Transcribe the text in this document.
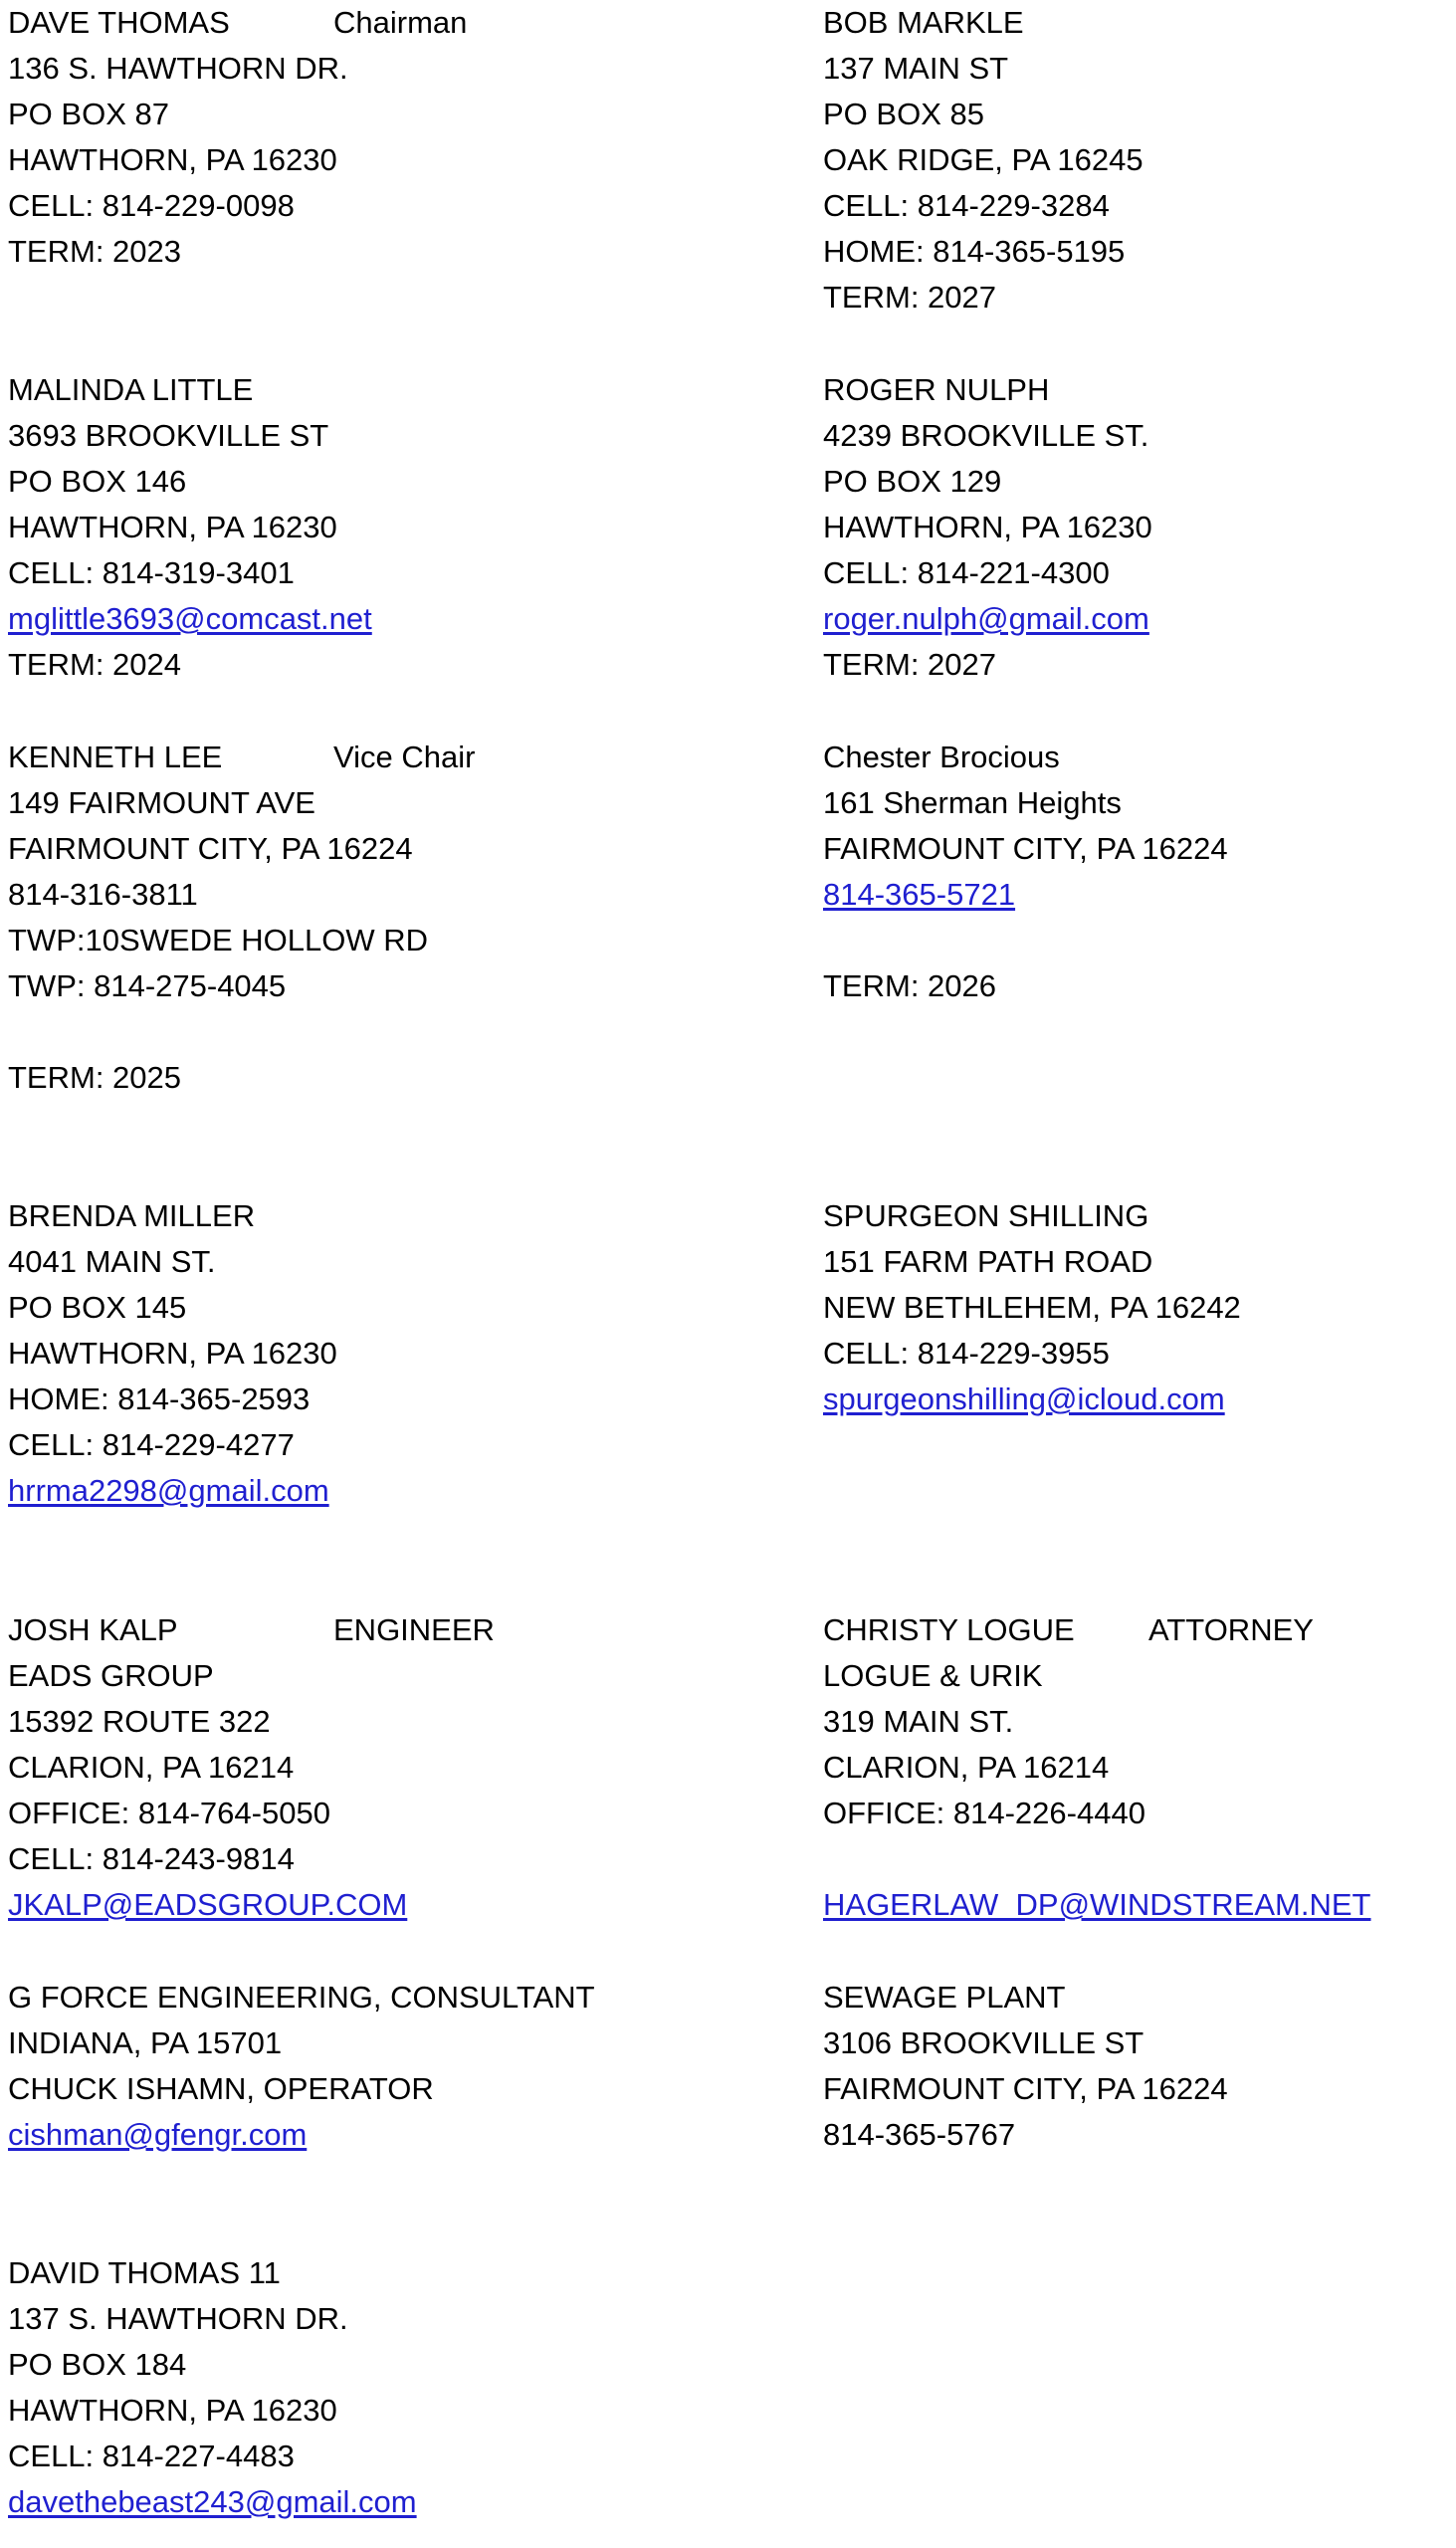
DAVE THOMAS	Chairman
136 S. HAWTHORN DR.
PO BOX 87
HAWTHORN, PA 16230
CELL: 814-229-0098
TERM: 2023
MALINDA LITTLE
3693 BROOKVILLE ST
PO BOX 146
HAWTHORN, PA 16230
CELL: 814-319-3401
mglittle3693@comcast.net
TERM: 2024
KENNETH LEE	Vice Chair
149 FAIRMOUNT AVE
FAIRMOUNT CITY, PA 16224
814-316-3811
TWP:10SWEDE HOLLOW RD
TWP: 814-275-4045
TERM: 2025
BRENDA MILLER
4041 MAIN ST.
PO BOX 145
HAWTHORN, PA 16230
HOME: 814-365-2593
CELL: 814-229-4277
hrrma2298@gmail.com
JOSH KALP	ENGINEER
EADS GROUP
15392 ROUTE 322
CLARION, PA 16214
OFFICE: 814-764-5050
CELL: 814-243-9814
JKALP@EADSGROUP.COM
G FORCE ENGINEERING, CONSULTANT
INDIANA, PA 15701
CHUCK ISHAMN, OPERATOR
cishman@gfengr.com
DAVID THOMAS 11
137 S. HAWTHORN DR.
PO BOX 184
HAWTHORN, PA 16230
CELL: 814-227-4483
davethebeast243@gmail.com
BOB MARKLE
137 MAIN ST
PO BOX 85
OAK RIDGE, PA 16245
CELL: 814-229-3284
HOME: 814-365-5195
TERM: 2027
ROGER NULPH
4239 BROOKVILLE ST.
PO BOX 129
HAWTHORN, PA 16230
CELL: 814-221-4300
roger.nulph@gmail.com
TERM: 2027
Chester Brocious
161 Sherman Heights
FAIRMOUNT CITY, PA 16224
814-365-5721
TERM: 2026
SPURGEON SHILLING
151 FARM PATH ROAD
NEW BETHLEHEM, PA 16242
CELL: 814-229-3955
spurgeonshilling@icloud.com
CHRISTY LOGUE ATTORNEY
LOGUE & URIK
319 MAIN ST.
CLARION, PA 16214
OFFICE: 814-226-4440
HAGERLAW_DP@WINDSTREAM.NET
SEWAGE PLANT
3106 BROOKVILLE ST
FAIRMOUNT CITY, PA 16224
814-365-5767
